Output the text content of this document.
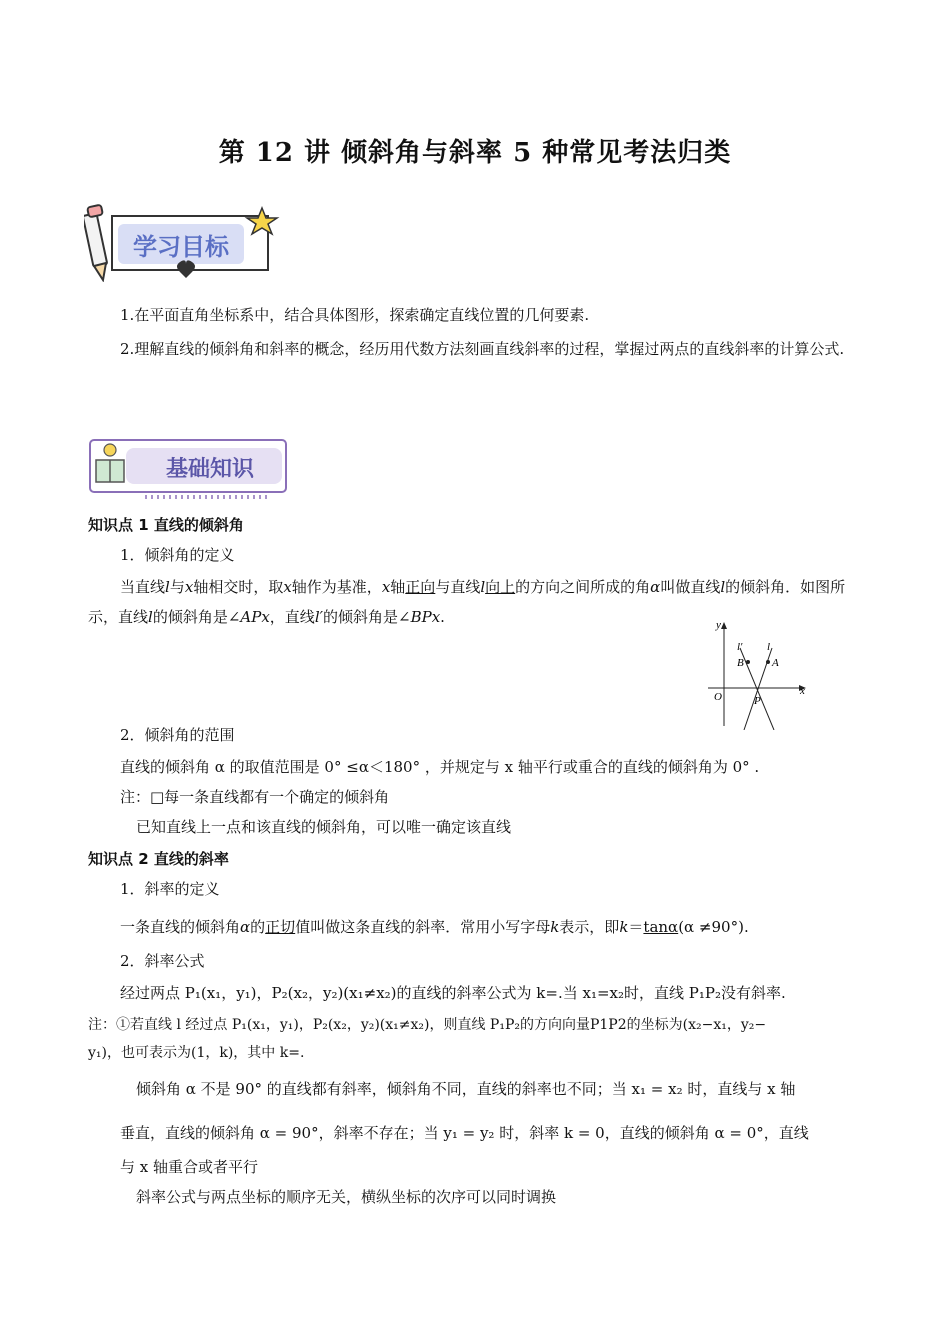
第 12 讲 倾斜角与斜率 5 种常见考法归类
学习目标
1.在平面直角坐标系中，结合具体图形，探索确定直线位置的几何要素.
2.理解直线的倾斜角和斜率的概念，经历用代数方法刻画直线斜率的过程，掌握过两点的直线斜率的计算公式.
基础知识
知识点 1 直线的倾斜角
1．倾斜角的定义
当直线l与x轴相交时，取x轴作为基准，x轴正向与直线l向上的方向之间所成的角α叫做直线l的倾斜角．如图所示，直线l的倾斜角是∠APx，直线l′的倾斜角是∠BPx.	y
x
O	P
A
B
l
l′
2．倾斜角的范围
直线的倾斜角 α 的取值范围是 0° ≤α＜180° ，并规定与 x 轴平行或重合的直线的倾斜角为 0° .
注：□每一条直线都有一个确定的倾斜角
已知直线上一点和该直线的倾斜角，可以唯一确定该直线
知识点 2 直线的斜率
1．斜率的定义
一条直线的倾斜角α的正切值叫做这条直线的斜率．常用小写字母k表示，即k＝tanα(α ≠90°).
2．斜率公式
经过两点 P₁(x₁，y₁)，P₂(x₂，y₂)(x₁≠x₂)的直线的斜率公式为 k=.当 x₁=x₂时，直线 P₁P₂没有斜率.
注：①若直线 l 经过点 P₁(x₁，y₁)，P₂(x₂，y₂)(x₁≠x₂)，则直线 P₁P₂的方向向量P1P2的坐标为(x₂−x₁，y₂−
y₁)，也可表示为(1，k)，其中 k=.
倾斜角 α 不是 90° 的直线都有斜率，倾斜角不同，直线的斜率也不同；当 x₁ = x₂ 时，直线与 x 轴
垂直，直线的倾斜角 α = 90°，斜率不存在；当 y₁ = y₂ 时，斜率 k = 0，直线的倾斜角 α = 0°，直线
与 x 轴重合或者平行
斜率公式与两点坐标的顺序无关，横纵坐标的次序可以同时调换
